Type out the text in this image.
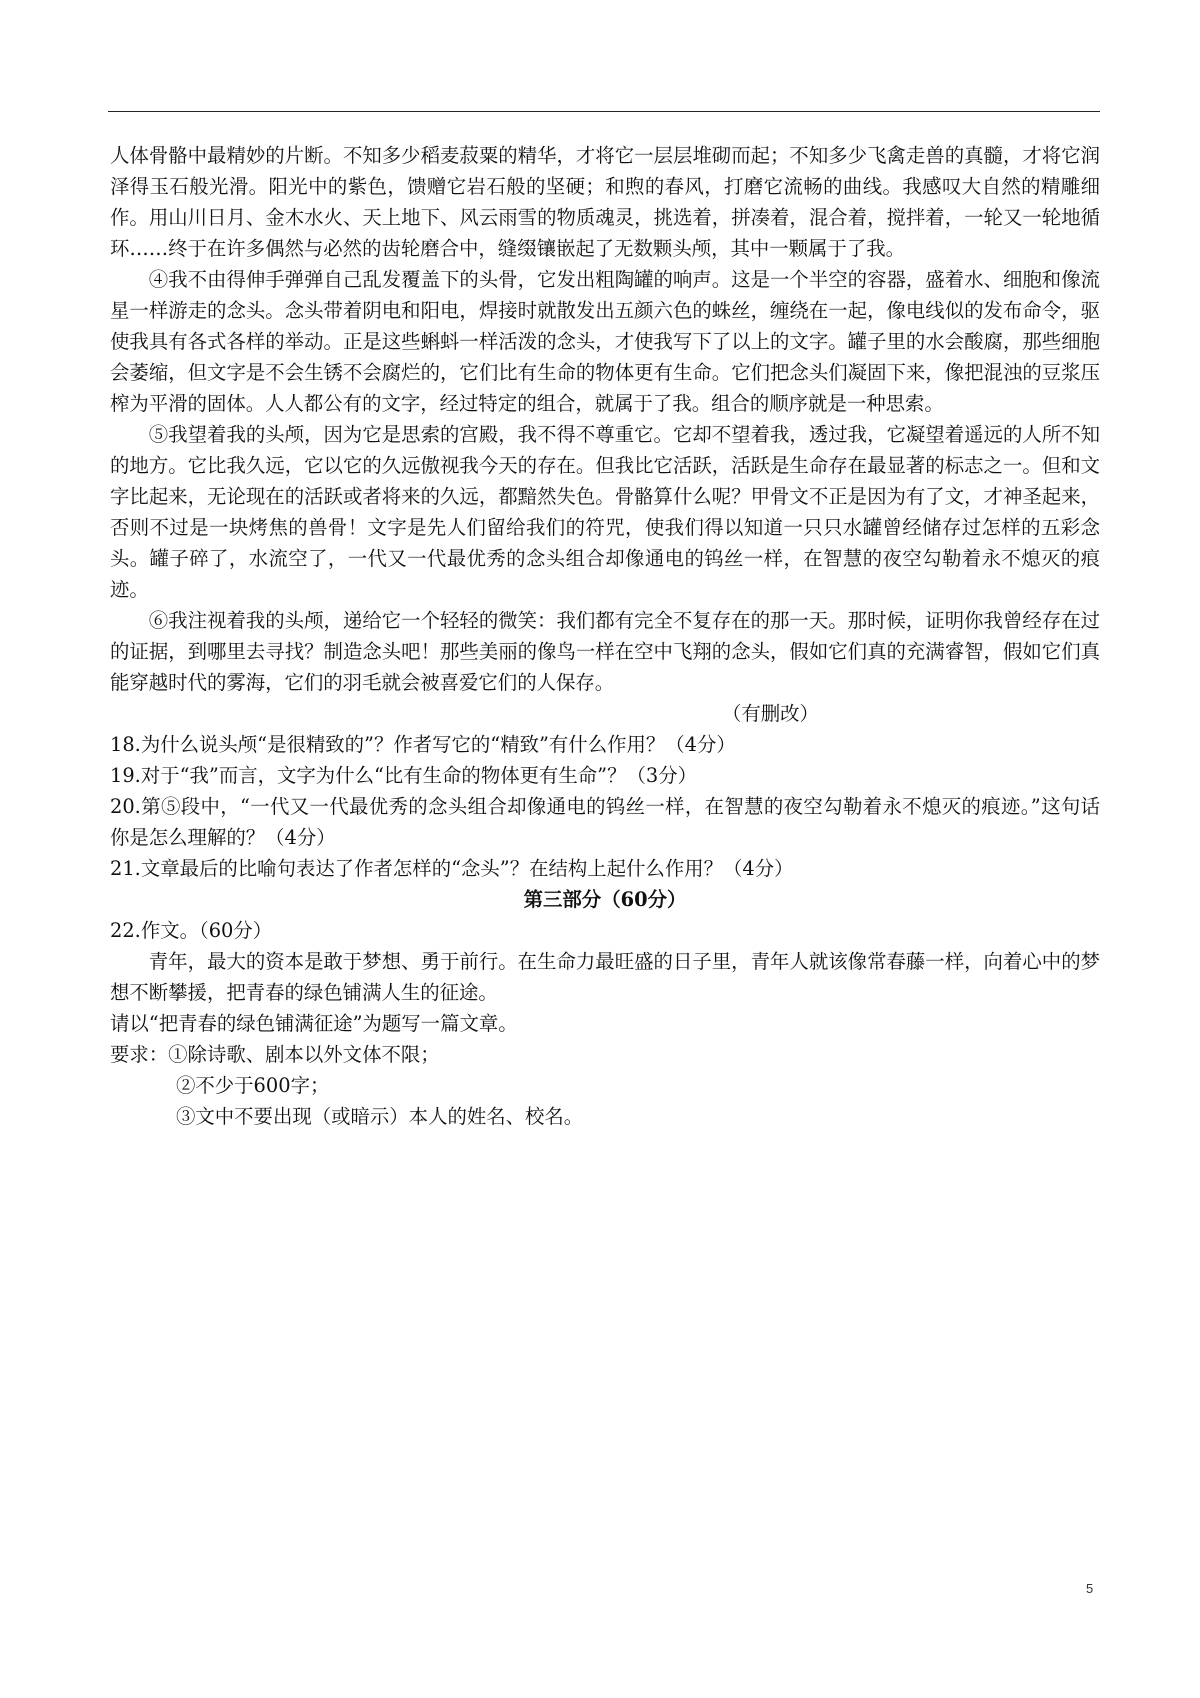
人体骨骼中最精妙的片断。不知多少稻麦菽粟的精华，才将它一层层堆砌而起；不知多少飞禽走兽的真髓，才将它润泽得玉石般光滑。阳光中的紫色，馈赠它岩石般的坚硬；和煦的春风，打磨它流畅的曲线。我感叹大自然的精雕细作。用山川日月、金木水火、天上地下、风云雨雪的物质魂灵，挑选着，拼凑着，混合着，搅拌着，一轮又一轮地循环……终于在许多偶然与必然的齿轮磨合中，缝缀镶嵌起了无数颗头颅，其中一颗属于了我。

④我不由得伸手弹弹自己乱发覆盖下的头骨，它发出粗陶罐的响声。这是一个半空的容器，盛着水、细胞和像流星一样游走的念头。念头带着阴电和阳电，焊接时就散发出五颜六色的蛛丝，缠绕在一起，像电线似的发布命令，驱使我具有各式各样的举动。正是这些蝌蚪一样活泼的念头，才使我写下了以上的文字。罐子里的水会酸腐，那些细胞会萎缩，但文字是不会生锈不会腐烂的，它们比有生命的物体更有生命。它们把念头们凝固下来，像把混浊的豆浆压榨为平滑的固体。人人都公有的文字，经过特定的组合，就属于了我。组合的顺序就是一种思索。

⑤我望着我的头颅，因为它是思索的宫殿，我不得不尊重它。它却不望着我，透过我，它凝望着遥远的人所不知的地方。它比我久远，它以它的久远傲视我今天的存在。但我比它活跃，活跃是生命存在最显著的标志之一。但和文字比起来，无论现在的活跃或者将来的久远，都黯然失色。骨骼算什么呢？甲骨文不正是因为有了文，才神圣起来，否则不过是一块烤焦的兽骨！文字是先人们留给我们的符咒，使我们得以知道一只只水罐曾经储存过怎样的五彩念头。罐子碎了，水流空了，一代又一代最优秀的念头组合却像通电的钨丝一样，在智慧的夜空勾勒着永不熄灭的痕迹。

⑥我注视着我的头颅，递给它一个轻轻的微笑：我们都有完全不复存在的那一天。那时候，证明你我曾经存在过的证据，到哪里去寻找？制造念头吧！那些美丽的像鸟一样在空中飞翔的念头，假如它们真的充满睿智，假如它们真能穿越时代的雾海，它们的羽毛就会被喜爱它们的人保存。

（有删改）

18.为什么说头颅“是很精致的”？作者写它的“精致”有什么作用？（4分）

19.对于“我”而言，文字为什么“比有生命的物体更有生命”？（3分）

20.第⑤段中，“一代又一代最优秀的念头组合却像通电的钨丝一样，在智慧的夜空勾勒着永不熄灭的痕迹。”这句话你是怎么理解的？（4分）

21.文章最后的比喻句表达了作者怎样的“念头”？在结构上起什么作用？（4分）

第三部分（60分）

22.作文。（60分）

青年，最大的资本是敢于梦想、勇于前行。在生命力最旺盛的日子里，青年人就该像常春藤一样，向着心中的梦想不断攀援，把青春的绿色铺满人生的征途。

请以“把青春的绿色铺满征途”为题写一篇文章。

要求：①除诗歌、剧本以外文体不限；

②不少于600字；

③文中不要出现（或暗示）本人的姓名、校名。

5
